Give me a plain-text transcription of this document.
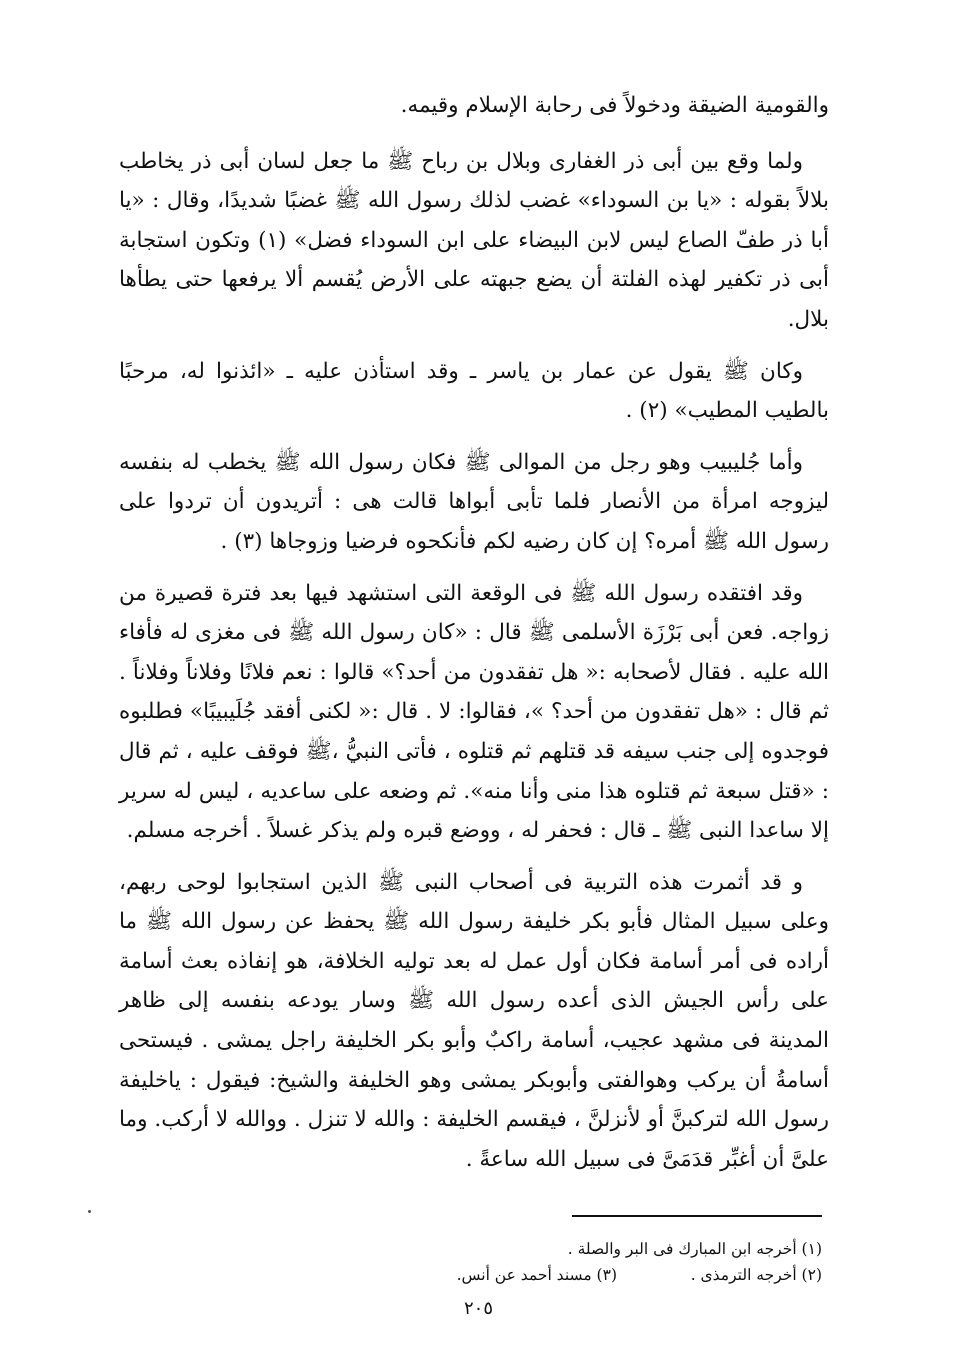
والقومية الضيقة ودخولاً فى رحابة الإسلام وقيمه.

ولما وقع بين أبى ذر الغفارى وبلال بن رباح ﷺ ما جعل لسان أبى ذر يخاطب بلالاً بقوله : «يا بن السوداء» غضب لذلك رسول الله ﷺ غضبًا شديدًا، وقال : «يا أبا ذر طفّ الصاع ليس لابن البيضاء على ابن السوداء فضل» (١) وتكون استجابة أبى ذر تكفير لهذه الفلتة أن يضع جبهته على الأرض يُقسم ألا يرفعها حتى يطأها بلال.

وكان ﷺ يقول عن عمار بن ياسر ـ وقد استأذن عليه ـ «ائذنوا له، مرحبًا بالطيب المطيب» (٢) .

وأما جُليبيب وهو رجل من الموالى ﷺ فكان رسول الله ﷺ يخطب له بنفسه ليزوجه امرأة من الأنصار فلما تأبى أبواها قالت هى : أتريدون أن تردوا على رسول الله ﷺ أمره؟ إن كان رضيه لكم فأنكحوه فرضيا وزوجاها (٣) .

وقد افتقده رسول الله ﷺ فى الوقعة التى استشهد فيها بعد فترة قصيرة من زواجه. فعن أبى بَرْزَة الأسلمى ﷺ قال : «كان رسول الله ﷺ فى مغزى له فأفاء الله عليه . فقال لأصحابه :« هل تفقدون من أحد؟» قالوا : نعم فلانًا وفلاناً وفلاناً . ثم قال : «هل تفقدون من أحد؟ »، فقالوا: لا . قال :« لكنى أفقد جُلَيبيبًا» فطلبوه فوجدوه إلى جنب سيفه قد قتلهم ثم قتلوه ، فأتى النبيُّ ،ﷺ فوقف عليه ، ثم قال : «قتل سبعة ثم قتلوه هذا منى وأنا منه». ثم وضعه على ساعديه ، ليس له سرير إلا ساعدا النبى ﷺ ـ قال : فحفر له ، ووضع قبره ولم يذكر غسلاً . أخرجه مسلم.

و قد أثمرت هذه التربية فى أصحاب النبى ﷺ الذين استجابوا لوحى ربهم، وعلى سبيل المثال فأبو بكر خليفة رسول الله ﷺ يحفظ عن رسول الله ﷺ ما أراده فى أمر أسامة فكان أول عمل له بعد توليه الخلافة، هو إنفاذه بعث أسامة على رأس الجيش الذى أعده رسول الله ﷺ وسار يودعه بنفسه إلى ظاهر المدينة فى مشهد عجيب، أسامة راكبٌ وأبو بكر الخليفة راجل يمشى . فيستحى أسامةُ أن يركب وهوالفتى وأبوبكر يمشى وهو الخليفة والشيخ: فيقول : ياخليفة رسول الله لتركبنَّ أو لأنزلنَّ ، فيقسم الخليفة : والله لا تنزل . ووالله لا أركب. وما علىَّ أن أغبِّر قدَمَىَّ فى سبيل الله ساعةً .

(١) أخرجه ابن المبارك فى البر والصلة .
(٢) أخرجه الترمذى .
(٣) مسند أحمد عن أنس.
٢٠٥
